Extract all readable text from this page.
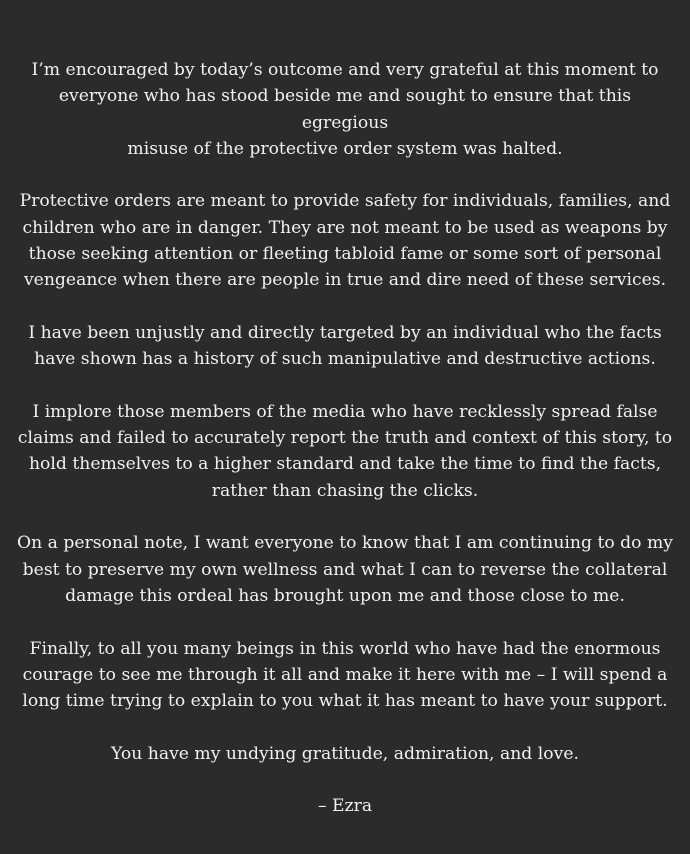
I’m encouraged by today’s outcome and very grateful at this moment to
everyone who has stood beside me and sought to ensure that this egregious
misuse of the protective order system was halted.

Protective orders are meant to provide safety for individuals, families, and
children who are in danger. They are not meant to be used as weapons by
those seeking attention or fleeting tabloid fame or some sort of personal
vengeance when there are people in true and dire need of these services.

I have been unjustly and directly targeted by an individual who the facts
have shown has a history of such manipulative and destructive actions.

I implore those members of the media who have recklessly spread false
claims and failed to accurately report the truth and context of this story, to
hold themselves to a higher standard and take the time to find the facts,
rather than chasing the clicks.

On a personal note, I want everyone to know that I am continuing to do my
best to preserve my own wellness and what I can to reverse the collateral
damage this ordeal has brought upon me and those close to me.

Finally, to all you many beings in this world who have had the enormous
courage to see me through it all and make it here with me – I will spend a
long time trying to explain to you what it has meant to have your support.

You have my undying gratitude, admiration, and love.

– Ezra
